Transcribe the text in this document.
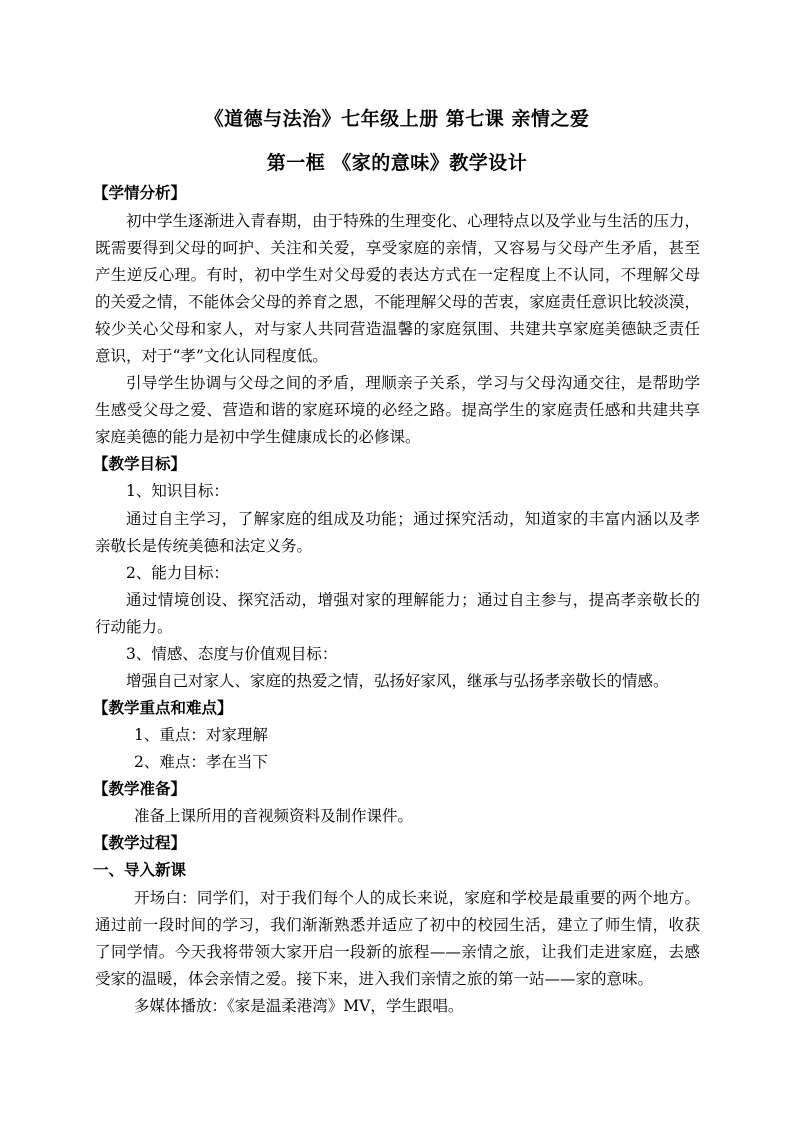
《道德与法治》七年级上册 第七课 亲情之爱
第一框 《家的意味》教学设计
【学情分析】
初中学生逐渐进入青春期，由于特殊的生理变化、心理特点以及学业与生活的压力，
既需要得到父母的呵护、关注和关爱，享受家庭的亲情，又容易与父母产生矛盾，甚至
产生逆反心理。有时，初中学生对父母爱的表达方式在一定程度上不认同，不理解父母
的关爱之情，不能体会父母的养育之恩，不能理解父母的苦衷，家庭责任意识比较淡漠，
较少关心父母和家人，对与家人共同营造温馨的家庭氛围、共建共享家庭美德缺乏责任
意识，对于“孝”文化认同程度低。
引导学生协调与父母之间的矛盾，理顺亲子关系，学习与父母沟通交往，是帮助学
生感受父母之爱、营造和谐的家庭环境的必经之路。提高学生的家庭责任感和共建共享
家庭美德的能力是初中学生健康成长的必修课。
【教学目标】
1、知识目标：
通过自主学习，了解家庭的组成及功能；通过探究活动，知道家的丰富内涵以及孝
亲敬长是传统美德和法定义务。
2、能力目标：
通过情境创设、探究活动，增强对家的理解能力；通过自主参与，提高孝亲敬长的
行动能力。
3、情感、态度与价值观目标：
增强自己对家人、家庭的热爱之情，弘扬好家风，继承与弘扬孝亲敬长的情感。
【教学重点和难点】
1、重点：对家理解
2、难点：孝在当下
【教学准备】
准备上课所用的音视频资料及制作课件。
【教学过程】
一、导入新课
开场白：同学们，对于我们每个人的成长来说，家庭和学校是最重要的两个地方。
通过前一段时间的学习，我们渐渐熟悉并适应了初中的校园生活，建立了师生情，收获
了同学情。今天我将带领大家开启一段新的旅程——亲情之旅，让我们走进家庭，去感
受家的温暖，体会亲情之爱。接下来，进入我们亲情之旅的第一站——家的意味。
多媒体播放：《家是温柔港湾》MV，学生跟唱。
